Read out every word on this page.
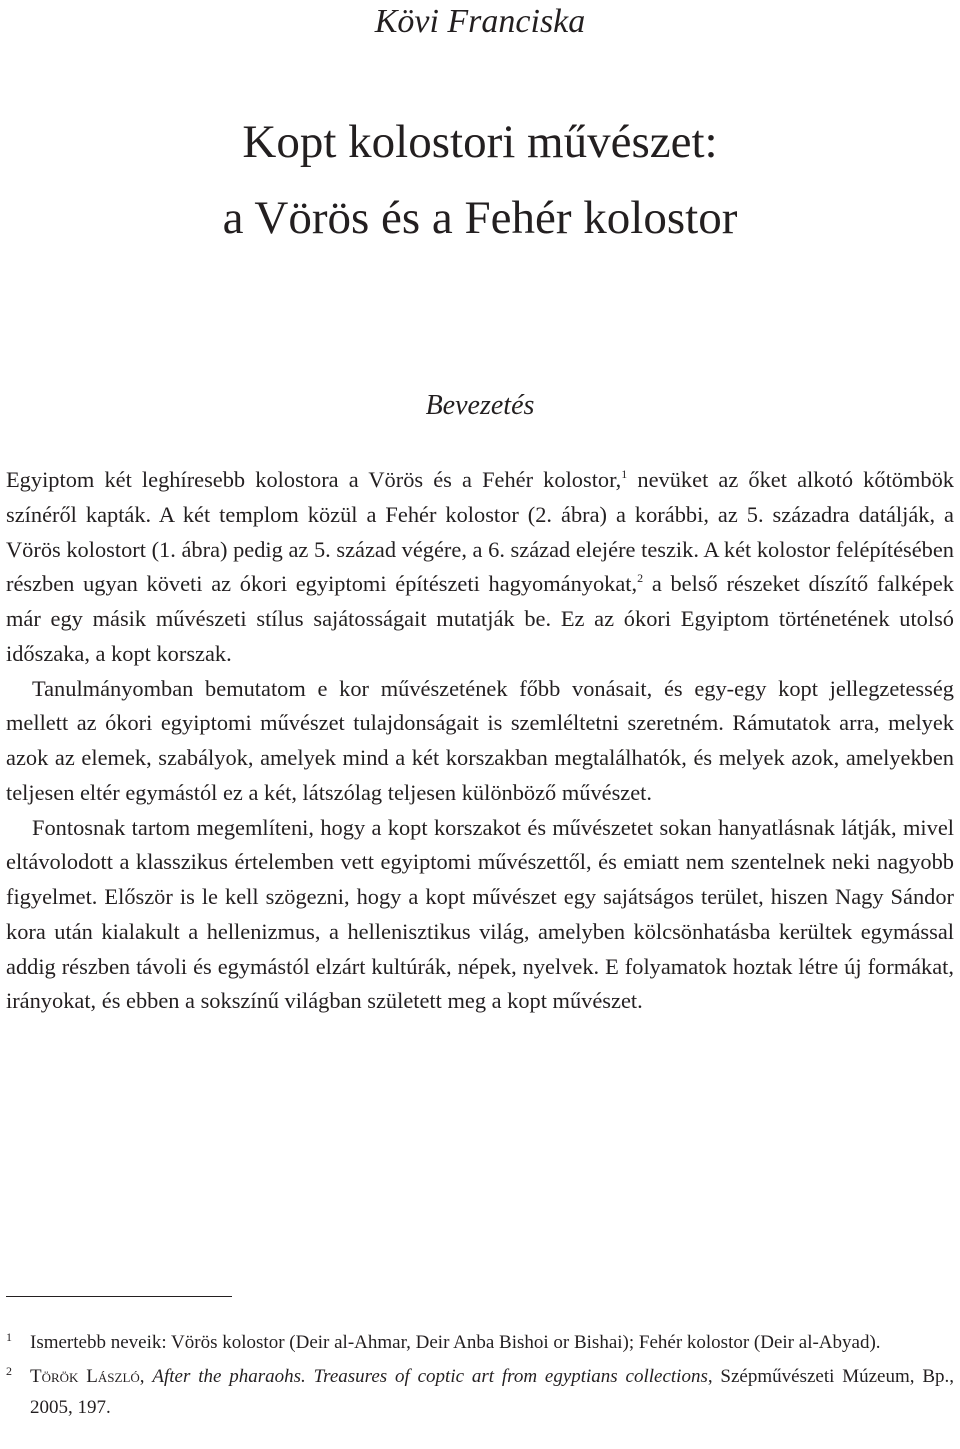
Kövi Franciska
Kopt kolostori művészet:
a Vörös és a Fehér kolostor
Bevezetés

Egyiptom két leghíresebb kolostora a Vörös és a Fehér kolostor,$^1$ nevüket az őket alkotó kőtömbök színéről kapták. A két templom közül a Fehér kolostor (2. ábra) a korábbi, az 5. századra datálják, a Vörös kolostort (1. ábra) pedig az 5. század végére, a 6. század elejére teszik. A két kolostor felépítésében részben ugyan követi az ókori egyiptomi építészeti hagyományokat,$^2$ a belső részeket díszítő falképek már egy másik művészeti stílus sajátosságait mutatják be. Ez az ókori Egyiptom történetének utolsó időszaka, a kopt korszak.

Tanulmányomban bemutatom e kor művészetének főbb vonásait, és egy-egy kopt jellegzetesség mellett az ókori egyiptomi művészet tulajdonságait is szemléltetni szeretném. Rámutatok arra, melyek azok az elemek, szabályok, amelyek mind a két korszakban megtalálhatók, és melyek azok, amelyekben teljesen eltér egymástól ez a két, látszólag teljesen különböző művészet.

Fontosnak tartom megemlíteni, hogy a kopt korszakot és művészetet sokan hanyatlásnak látják, mivel eltávolodott a klasszikus értelemben vett egyiptomi művészettől, és emiatt nem szentelnek neki nagyobb figyelmet. Először is le kell szögezni, hogy a kopt művészet egy sajátságos terület, hiszen Nagy Sándor kora után kialakult a hellenizmus, a hellenisztikus világ, amelyben kölcsönhatásba kerültek egymással addig részben távoli és egymástól elzárt kultúrák, népek, nyelvek. E folyamatok hoztak létre új formákat, irányokat, és ebben a sokszínű világban született meg a kopt művészet.

1 Ismertebb neveik: Vörös kolostor (Deir al-Ahmar, Deir Anba Bishoi or Bishai); Fehér kolostor (Deir al-Abyad).
2 Török László, After the pharaohs. Treasures of coptic art from egyptians collections, Szépművészeti Múzeum, Bp., 2005, 197.
